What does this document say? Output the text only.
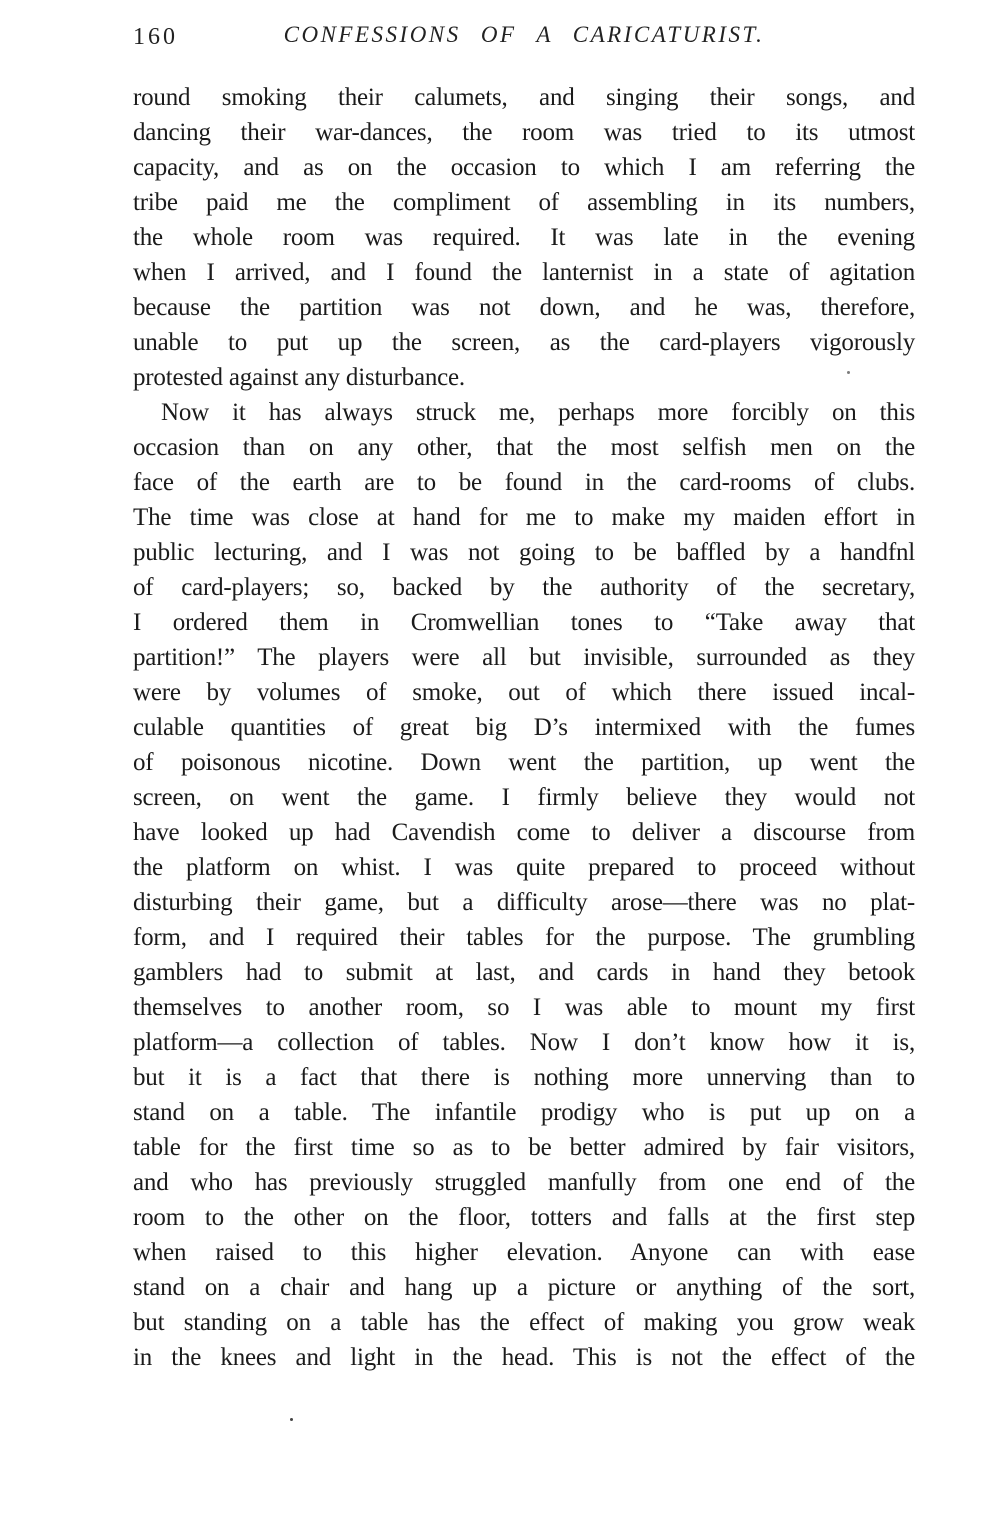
160	CONFESSIONS OF A CARICATURIST.
round smoking their calumets, and singing their songs, and
dancing their war-dances, the room was tried to its utmost
capacity, and as on the occasion to which I am referring the
tribe paid me the compliment of assembling in its numbers,
the whole room was required. It was late in the evening
when I arrived, and I found the lanternist in a state of agitation
because the partition was not down, and he was, therefore,
unable to put up the screen, as the card-players vigorously
protested against any disturbance.
Now it has always struck me, perhaps more forcibly on this
occasion than on any other, that the most selfish men on the
face of the earth are to be found in the card-rooms of clubs.
The time was close at hand for me to make my maiden effort in
public lecturing, and I was not going to be baffled by a handfnl
of card-players; so, backed by the authority of the secretary,
I ordered them in Cromwellian tones to “Take away that
partition!” The players were all but invisible, surrounded as they
were by volumes of smoke, out of which there issued incal-
culable quantities of great big D’s intermixed with the fumes
of poisonous nicotine. Down went the partition, up went the
screen, on went the game. I firmly believe they would not
have looked up had Cavendish come to deliver a discourse from
the platform on whist. I was quite prepared to proceed without
disturbing their game, but a difficulty arose—there was no plat-
form, and I required their tables for the purpose. The grumbling
gamblers had to submit at last, and cards in hand they betook
themselves to another room, so I was able to mount my first
platform—a collection of tables. Now I don’t know how it is,
but it is a fact that there is nothing more unnerving than to
stand on a table. The infantile prodigy who is put up on a
table for the first time so as to be better admired by fair visitors,
and who has previously struggled manfully from one end of the
room to the other on the floor, totters and falls at the first step
when raised to this higher elevation. Anyone can with ease
stand on a chair and hang up a picture or anything of the sort,
but standing on a table has the effect of making you grow weak
in the knees and light in the head. This is not the effect of the
